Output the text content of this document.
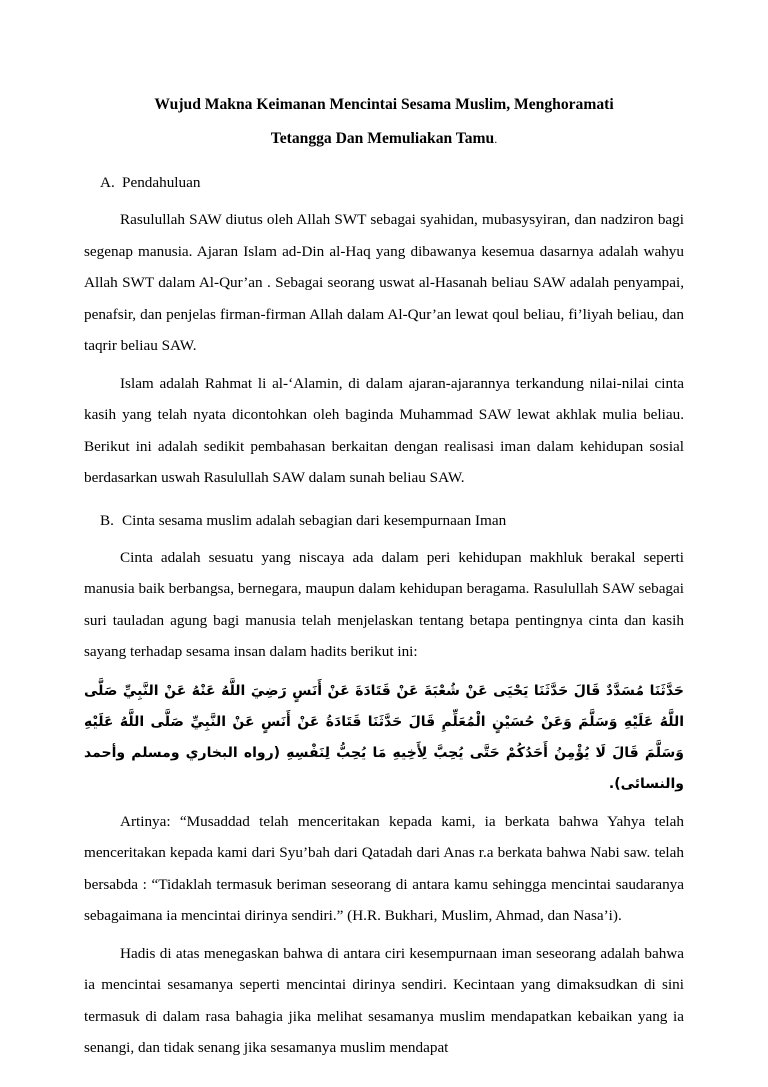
Wujud Makna Keimanan Mencintai Sesama Muslim, Menghoramati
Tetangga Dan Memuliakan Tamu.
A. Pendahuluan

Rasulullah SAW diutus oleh Allah SWT sebagai syahidan, mubasysyiran, dan nadziron bagi segenap manusia. Ajaran Islam ad-Din al-Haq yang dibawanya kesemua dasarnya adalah wahyu Allah SWT dalam Al-Qur’an . Sebagai seorang uswat al-Hasanah beliau SAW adalah penyampai, penafsir, dan penjelas firman-firman Allah dalam Al-Qur’an lewat qoul beliau, fi’liyah beliau, dan taqrir beliau SAW.

Islam adalah Rahmat li al-‘Alamin, di dalam ajaran-ajarannya terkandung nilai-nilai cinta kasih yang telah nyata dicontohkan oleh baginda Muhammad SAW lewat akhlak mulia beliau. Berikut ini adalah sedikit pembahasan berkaitan dengan realisasi iman dalam kehidupan sosial berdasarkan uswah Rasulullah SAW dalam sunah beliau SAW.

B. Cinta sesama muslim adalah sebagian dari kesempurnaan Iman

Cinta adalah sesuatu yang niscaya ada dalam peri kehidupan makhluk berakal seperti manusia baik berbangsa, bernegara, maupun dalam kehidupan beragama. Rasulullah SAW sebagai suri tauladan agung bagi manusia telah menjelaskan tentang betapa pentingnya cinta dan kasih sayang terhadap sesama insan dalam hadits berikut ini:

حَدَّثَنَا مُسَدَّدٌ قَالَ حَدَّثَنَا يَحْيَى عَنْ شُعْبَةَ عَنْ قَتَادَةَ عَنْ أَنَسٍ رَضِيَ اللَّهُ عَنْهُ عَنْ النَّبِيِّ صَلَّى اللَّهُ عَلَيْهِ وَسَلَّمَ وَعَنْ حُسَيْنٍ الْمُعَلِّمِ قَالَ حَدَّثَنَا قَتَادَةُ عَنْ أَنَسٍ عَنْ النَّبِيِّ صَلَّى اللَّهُ عَلَيْهِ وَسَلَّمَ قَالَ لَا يُؤْمِنُ أَحَدُكُمْ حَتَّى يُحِبَّ لِأَخِيهِ مَا يُحِبُّ لِنَفْسِهِ (رواه البخاري ومسلم وأحمد والنسائى).

Artinya: “Musaddad telah menceritakan kepada kami, ia berkata bahwa Yahya telah menceritakan kepada kami dari Syu’bah dari Qatadah dari Anas r.a berkata bahwa Nabi saw. telah bersabda : “Tidaklah termasuk beriman seseorang di antara kamu sehingga mencintai saudaranya sebagaimana ia mencintai dirinya sendiri.” (H.R. Bukhari, Muslim, Ahmad, dan Nasa’i).

Hadis di atas menegaskan bahwa di antara ciri kesempurnaan iman seseorang adalah bahwa ia mencintai sesamanya seperti mencintai dirinya sendiri. Kecintaan yang dimaksudkan di sini termasuk di dalam rasa bahagia jika melihat sesamanya muslim mendapatkan kebaikan yang ia senangi, dan tidak senang jika sesamanya muslim mendapat
